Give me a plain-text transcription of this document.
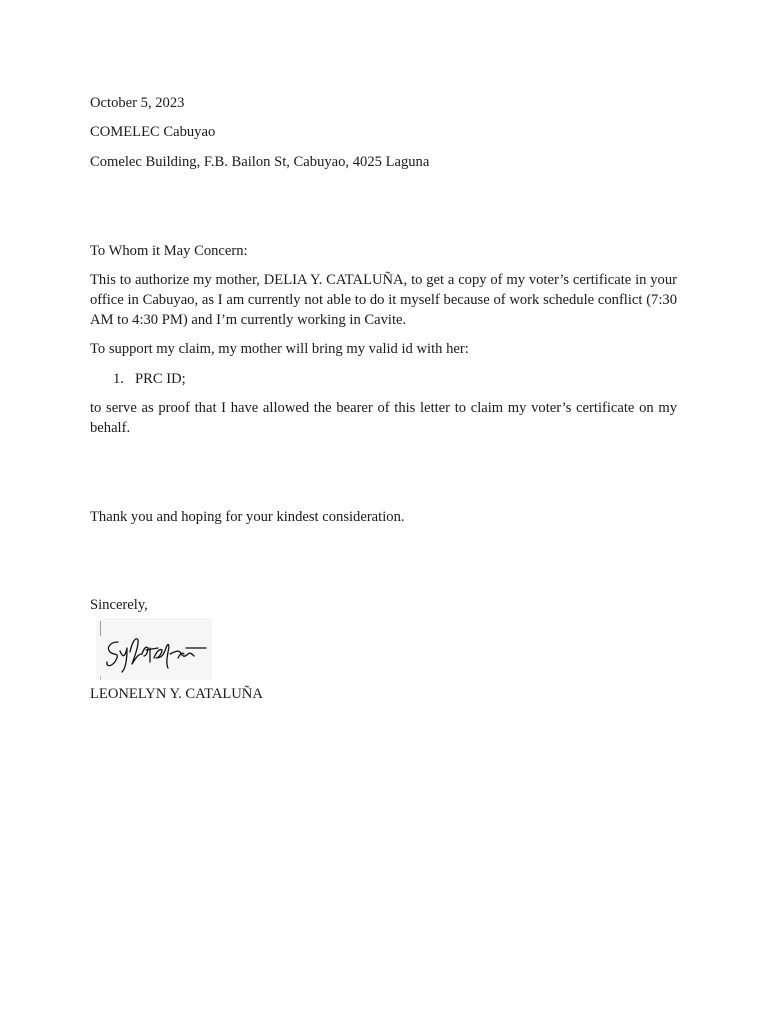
October 5, 2023
COMELEC Cabuyao
Comelec Building, F.B. Bailon St, Cabuyao, 4025 Laguna
To Whom it May Concern:
This to authorize my mother, DELIA Y. CATALUÑA, to get a copy of my voter’s certificate in your office in Cabuyao, as I am currently not able to do it myself because of work schedule conflict (7:30 AM to 4:30 PM) and I’m currently working in Cavite.
To support my claim, my mother will bring my valid id with her:
1. PRC ID;
to serve as proof that I have allowed the bearer of this letter to claim my voter’s certificate on my behalf.
Thank you and hoping for your kindest consideration.
Sincerely,
LEONELYN Y. CATALUÑA
